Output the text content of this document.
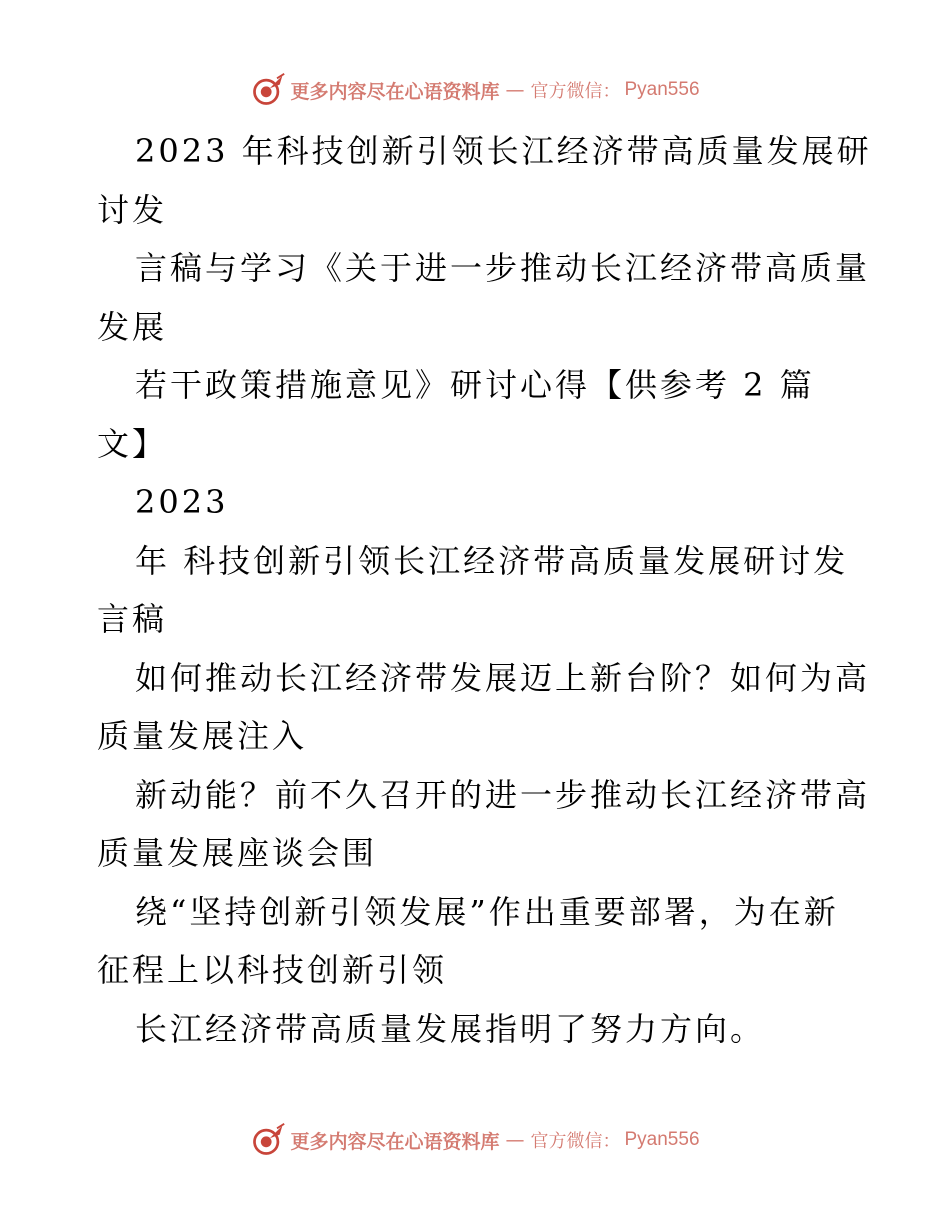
更多内容尽在心语资料库 — 官方微信： Pyan556
2023 年科技创新引领长江经济带高质量发展研
讨发
言稿与学习《关于进一步推动长江经济带高质量
发展
若干政策措施意见》研讨心得【供参考 2 篇
文】
2023
年 科技创新引领长江经济带高质量发展研讨发
言稿
如何推动长江经济带发展迈上新台阶？如何为高
质量发展注入
新动能？前不久召开的进一步推动长江经济带高
质量发展座谈会围
绕“坚持创新引领发展”作出重要部署，为在新
征程上以科技创新引领
长江经济带高质量发展指明了努力方向。
更多内容尽在心语资料库 — 官方微信： Pyan556
